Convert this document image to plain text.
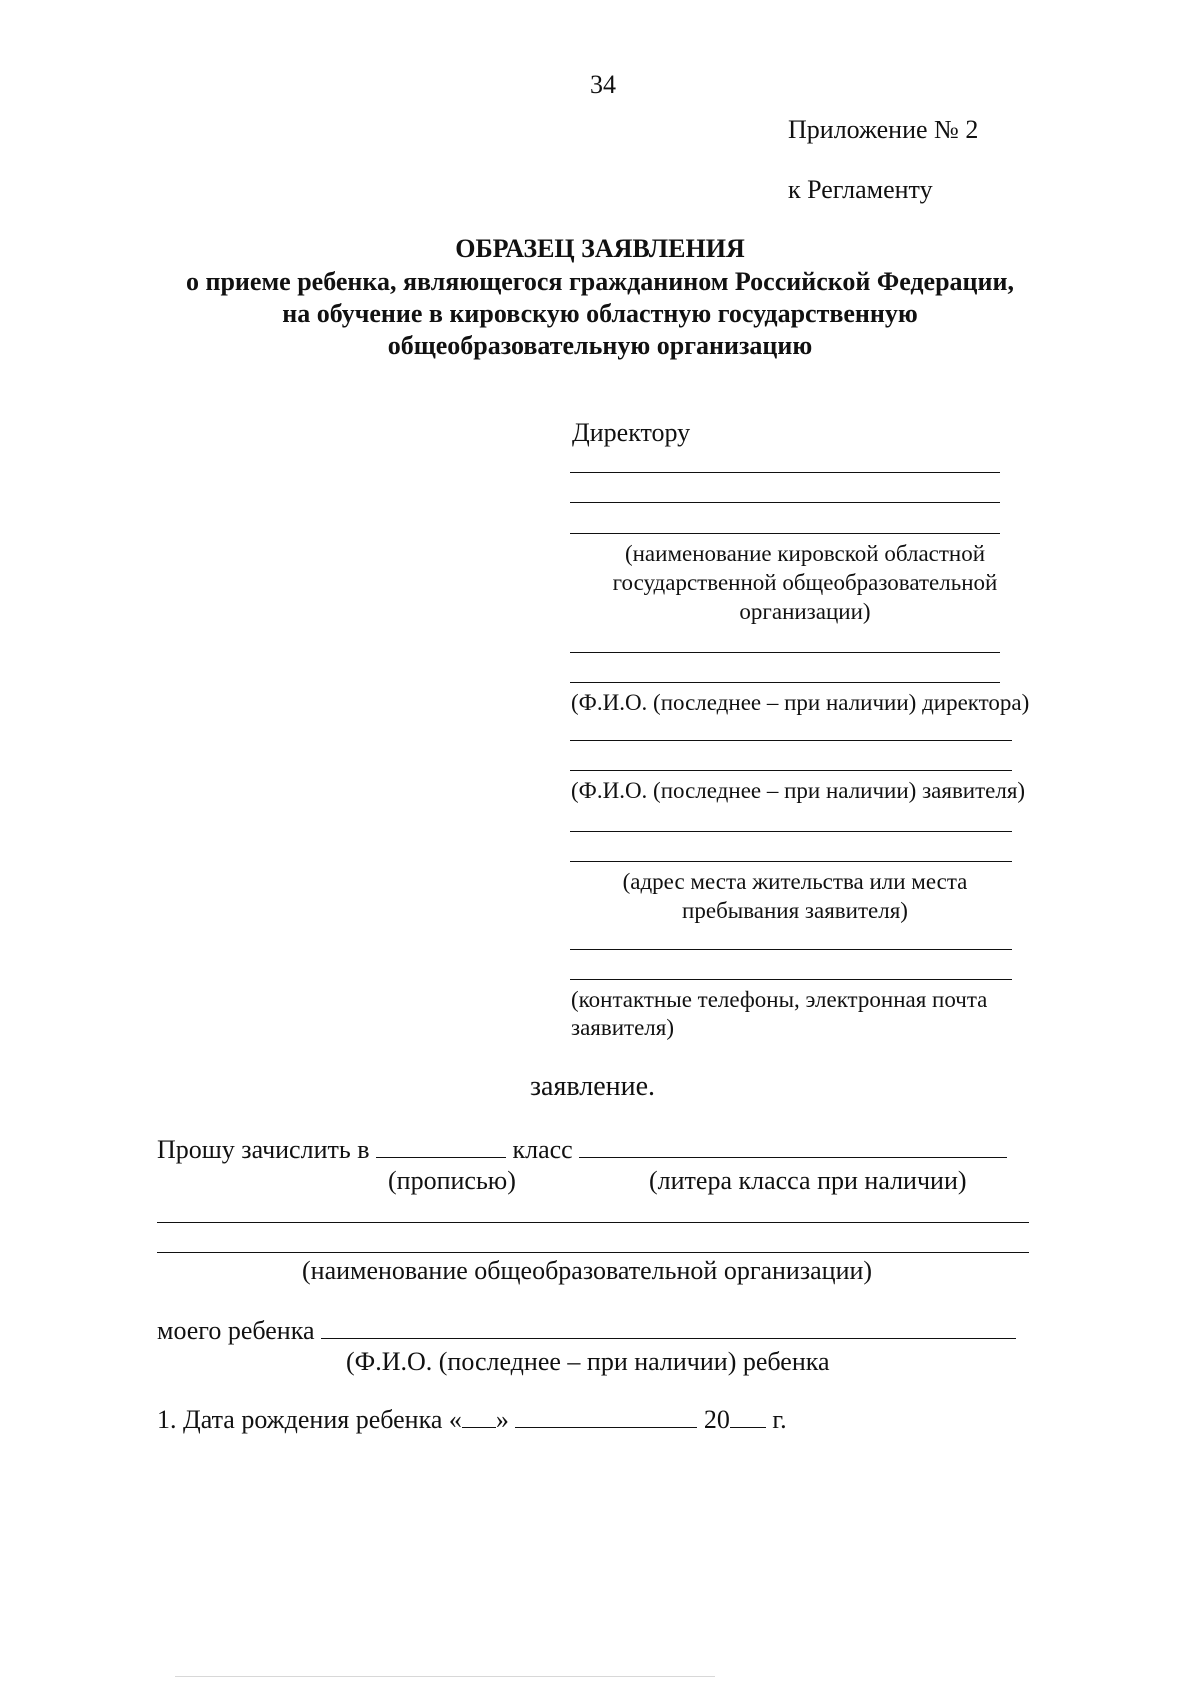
34
Приложение № 2
к Регламенту
ОБРАЗЕЦ ЗАЯВЛЕНИЯ
о приеме ребенка, являющегося гражданином Российской Федерации,
на обучение в кировскую областную государственную
общеобразовательную организацию
Директору
(наименование кировской областной
государственной общеобразовательной
организации)
(Ф.И.О. (последнее – при наличии) директора)
(Ф.И.О. (последнее – при наличии) заявителя)
(адрес места жительства или места
пребывания заявителя)
(контактные телефоны, электронная почта
заявителя)
заявление.
Прошу зачислить в	класс
(прописью)	(литера класса при наличии)
(наименование общеобразовательной организации)
моего ребенка
(Ф.И.О. (последнее – при наличии) ребенка
1. Дата рождения ребенка « »	20 г.
